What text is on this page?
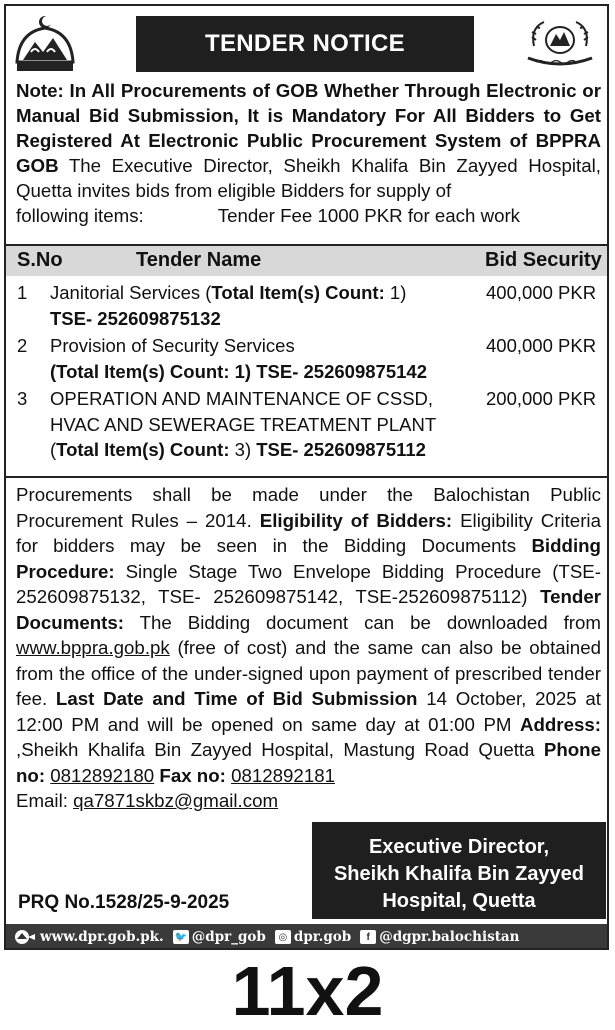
TENDER NOTICE
Note: In All Procurements of GOB Whether Through Electronic or Manual Bid Submission, It is Mandatory For All Bidders to Get Registered At Electronic Public Procurement System of BPPRA GOB The Executive Director, Sheikh Khalifa Bin Zayyed Hospital, Quetta invites bids from eligible Bidders for supply of
following items:	Tender Fee 1000 PKR for each work
S.No	Tender Name	Bid Security
1 Janitorial Services (Total Item(s) Count: 1)
TSE- 252609875132
400,000 PKR
2 Provision of Security Services
(Total Item(s) Count: 1) TSE- 252609875142
400,000 PKR
3 OPERATION AND MAINTENANCE OF CSSD, HVAC AND SEWERAGE TREATMENT PLANT
(Total Item(s) Count: 3) TSE- 252609875112
200,000 PKR

Procurements shall be made under the Balochistan Public Procurement Rules – 2014. Eligibility of Bidders: Eligibility Criteria for bidders may be seen in the Bidding Documents Bidding Procedure: Single Stage Two Envelope Bidding Procedure (TSE-252609875132, TSE- 252609875142, TSE-252609875112) Tender Documents: The Bidding document can be downloaded from www.bppra.gob.pk (free of cost) and the same can also be obtained from the office of the under-signed upon payment of prescribed tender fee. Last Date and Time of Bid Submission 14 October, 2025 at 12:00 PM and will be opened on same day at 01:00 PM Address: ,Sheikh Khalifa Bin Zayyed Hospital, Mastung Road Quetta Phone no: 0812892180 Fax no: 0812892181

Email: qa7871skbz@gmail.com

Executive Director,
Sheikh Khalifa Bin Zayyed
Hospital, Quetta
PRQ No.1528/25-9-2025
www.dpr.gob.pk. 🐦 @dpr_gob	◎ dpr.gob	f @dgpr.balochistan
11x2
